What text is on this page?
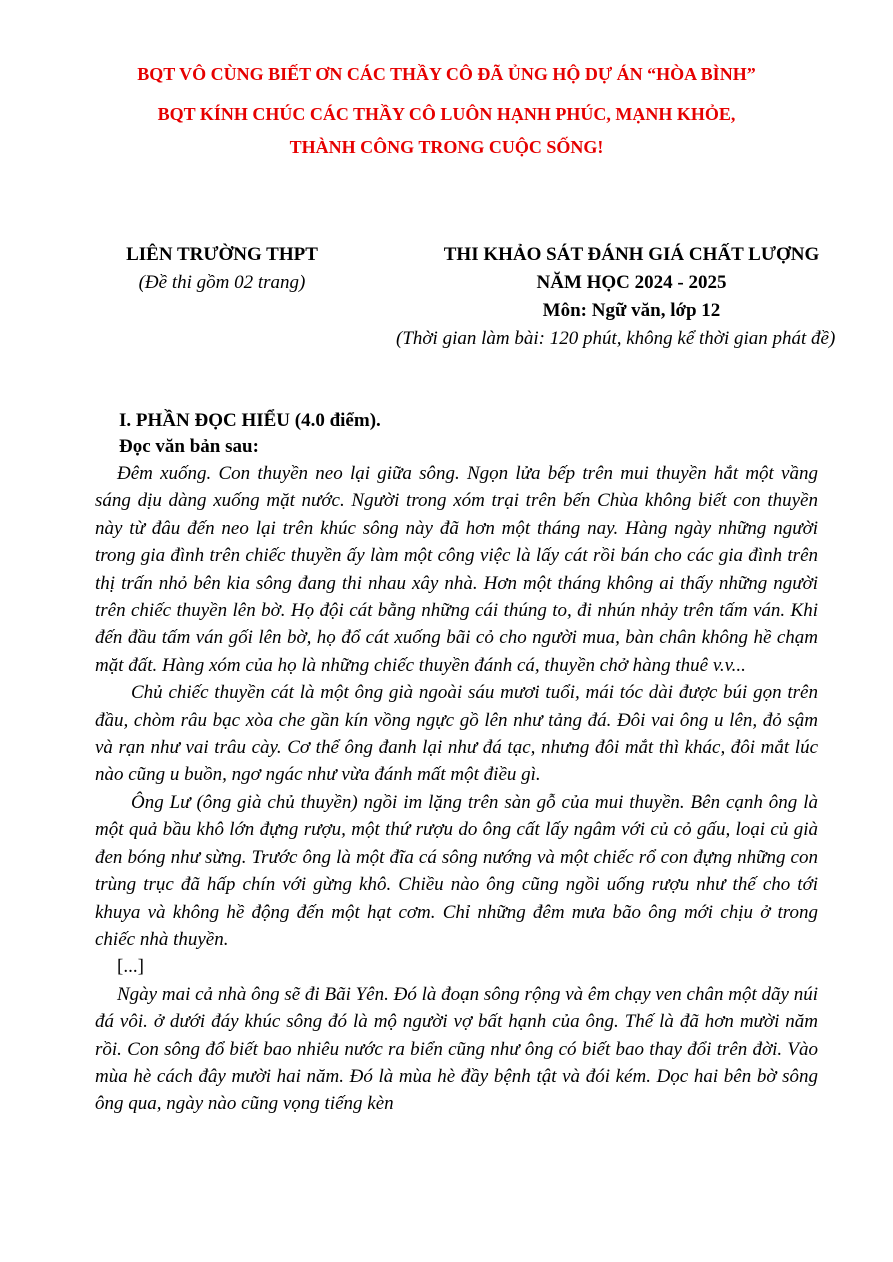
BQT VÔ CÙNG BIẾT ƠN CÁC THẦY CÔ ĐÃ ỦNG HỘ DỰ ÁN “HÒA BÌNH”
BQT KÍNH CHÚC CÁC THẦY CÔ LUÔN HẠNH PHÚC, MẠNH KHỎE,
THÀNH CÔNG TRONG CUỘC SỐNG!
LIÊN TRƯỜNG THPT
(Đề thi gồm 02 trang)
THI KHẢO SÁT ĐÁNH GIÁ CHẤT LƯỢNG
NĂM HỌC 2024 - 2025
Môn: Ngữ văn, lớp 12
(Thời gian làm bài: 120 phút, không kể thời gian phát đề)
I. PHẦN ĐỌC HIỂU (4.0 điểm).
Đọc văn bản sau:

Đêm xuống. Con thuyền neo lại giữa sông. Ngọn lửa bếp trên mui thuyền hắt một vầng sáng dịu dàng xuống mặt nước. Người trong xóm trại trên bến Chùa không biết con thuyền này từ đâu đến neo lại trên khúc sông này đã hơn một tháng nay. Hàng ngày những người trong gia đình trên chiếc thuyền ấy làm một công việc là lấy cát rồi bán cho các gia đình trên thị trấn nhỏ bên kia sông đang thi nhau xây nhà. Hơn một tháng không ai thấy những người trên chiếc thuyền lên bờ. Họ đội cát bằng những cái thúng to, đi nhún nhảy trên tấm ván. Khi đến đầu tấm ván gối lên bờ, họ đổ cát xuống bãi cỏ cho người mua, bàn chân không hề chạm mặt đất. Hàng xóm của họ là những chiếc thuyền đánh cá, thuyền chở hàng thuê v.v...

Chủ chiếc thuyền cát là một ông già ngoài sáu mươi tuổi, mái tóc dài được búi gọn trên đầu, chòm râu bạc xòa che gần kín vồng ngực gồ lên như tảng đá. Đôi vai ông u lên, đỏ sậm và rạn như vai trâu cày. Cơ thể ông đanh lại như đá tạc, nhưng đôi mắt thì khác, đôi mắt lúc nào cũng u buồn, ngơ ngác như vừa đánh mất một điều gì.

Ông Lư (ông già chủ thuyền) ngồi im lặng trên sàn gỗ của mui thuyền. Bên cạnh ông là một quả bầu khô lớn đựng rượu, một thứ rượu do ông cất lấy ngâm với củ cỏ gấu, loại củ già đen bóng như sừng. Trước ông là một đĩa cá sông nướng và một chiếc rổ con đựng những con trùng trục đã hấp chín với gừng khô. Chiều nào ông cũng ngồi uống rượu như thế cho tới khuya và không hề động đến một hạt cơm. Chỉ những đêm mưa bão ông mới chịu ở trong chiếc nhà thuyền.

[...]

Ngày mai cả nhà ông sẽ đi Bãi Yên. Đó là đoạn sông rộng và êm chạy ven chân một dãy núi đá vôi. ở dưới đáy khúc sông đó là mộ người vợ bất hạnh của ông. Thế là đã hơn mười năm rồi. Con sông đổ biết bao nhiêu nước ra biển cũng như ông có biết bao thay đổi trên đời. Vào mùa hè cách đây mười hai năm. Đó là mùa hè đầy bệnh tật và đói kém. Dọc hai bên bờ sông ông qua, ngày nào cũng vọng tiếng kèn
